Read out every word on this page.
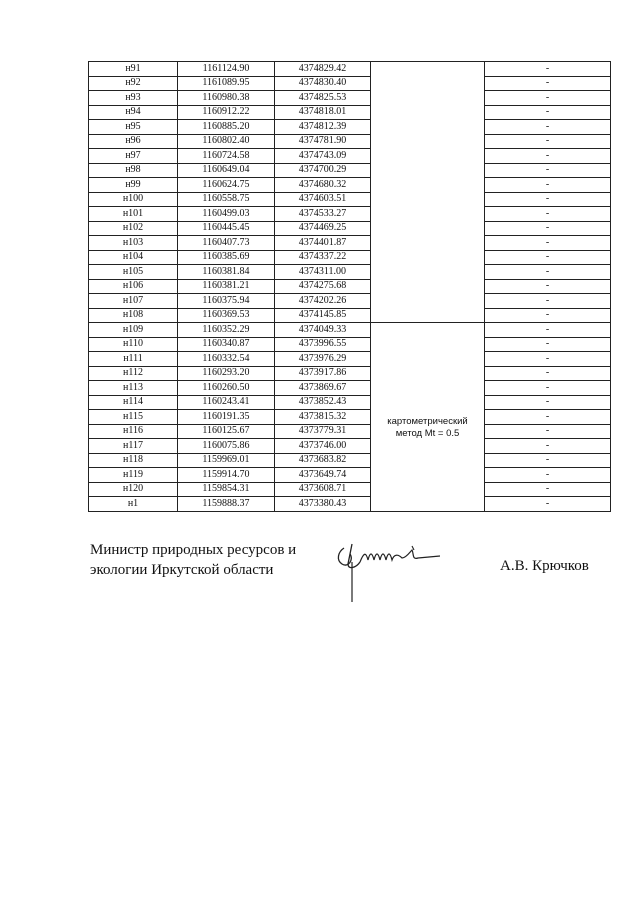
н91	1161124.90	4374829.42		-
н92	1161089.95	4374830.40		-
н93	1160980.38	4374825.53		-
н94	1160912.22	4374818.01		-
н95	1160885.20	4374812.39		-
н96	1160802.40	4374781.90		-
н97	1160724.58	4374743.09		-
н98	1160649.04	4374700.29		-
н99	1160624.75	4374680.32		-
н100	1160558.75	4374603.51		-
н101	1160499.03	4374533.27		-
н102	1160445.45	4374469.25		-
н103	1160407.73	4374401.87		-
н104	1160385.69	4374337.22		-
н105	1160381.84	4374311.00		-
н106	1160381.21	4374275.68		-
н107	1160375.94	4374202.26		-
н108	1160369.53	4374145.85		-
н109	1160352.29	4374049.33	картометрический
метод Mt = 0.5	-
н110	1160340.87	4373996.55		-
н111	1160332.54	4373976.29		-
н112	1160293.20	4373917.86		-
н113	1160260.50	4373869.67		-
н114	1160243.41	4373852.43		-
н115	1160191.35	4373815.32		-
н116	1160125.67	4373779.31		-
н117	1160075.86	4373746.00		-
н118	1159969.01	4373683.82		-
н119	1159914.70	4373649.74		-
н120	1159854.31	4373608.71		-
н1	1159888.37	4373380.43		-
Министр природных ресурсов и
экологии Иркутской области	А.В. Крючков
